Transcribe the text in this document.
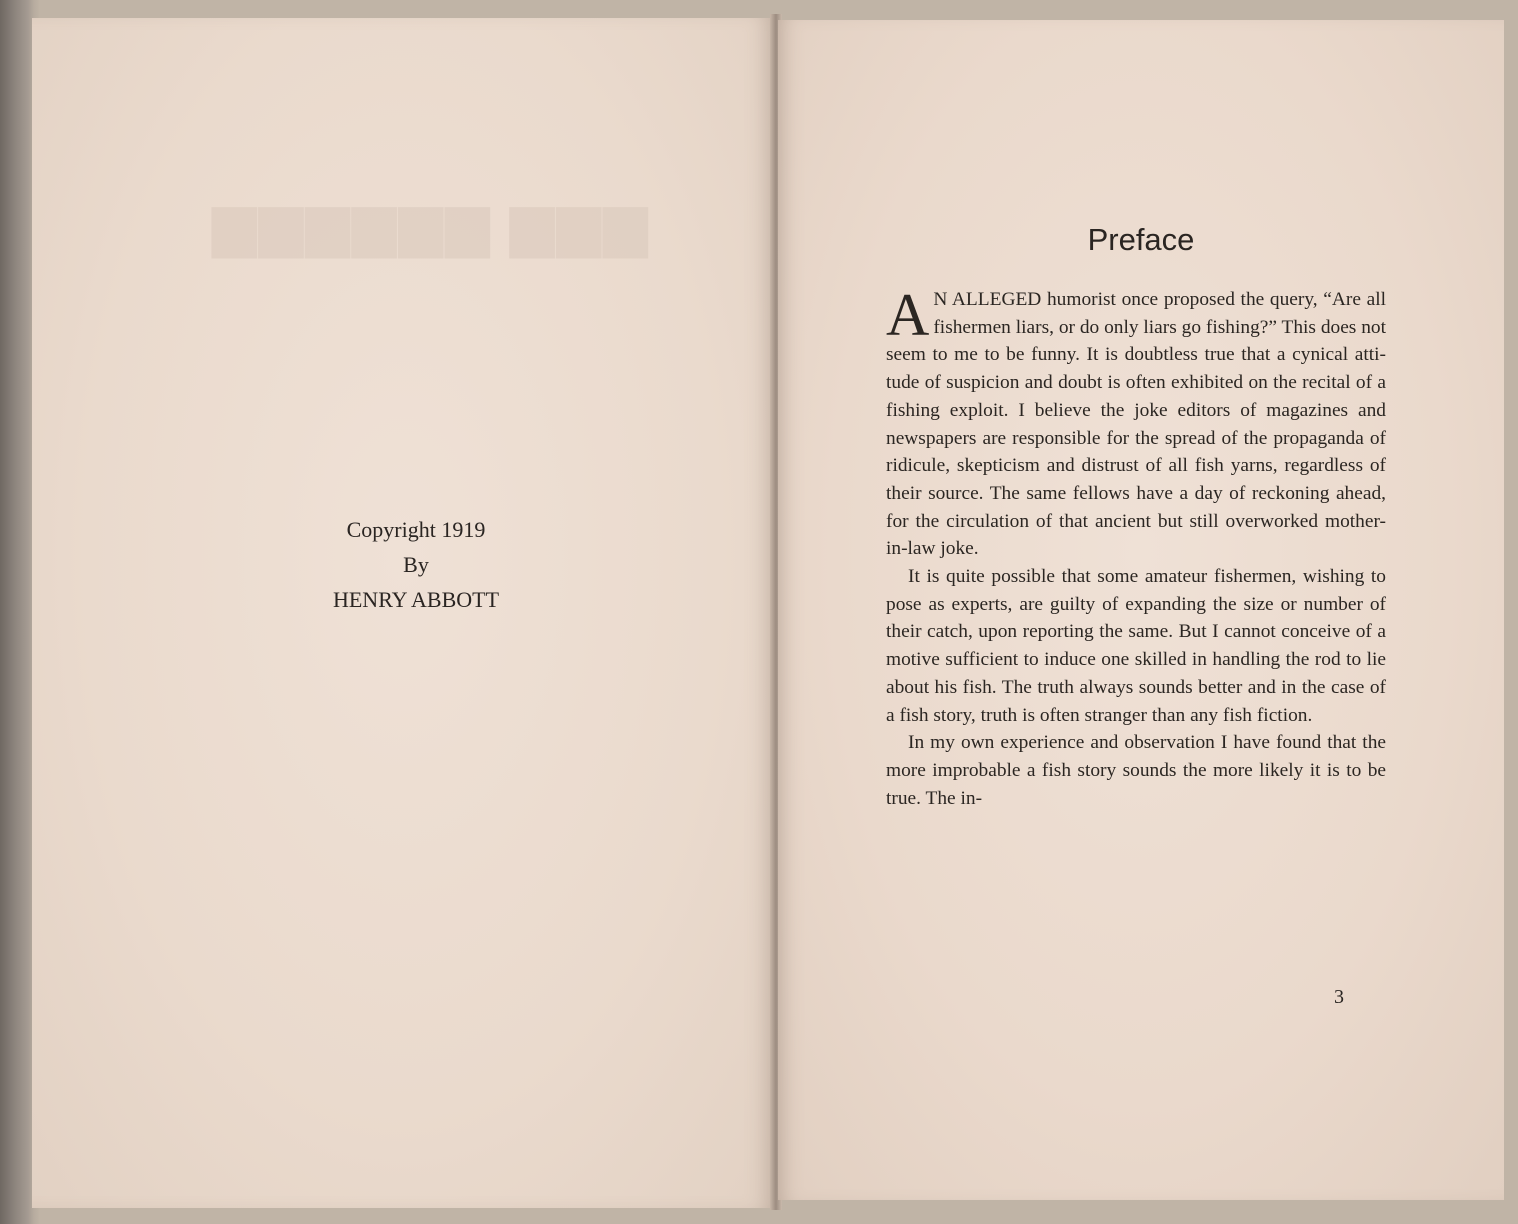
▆▆▆ ▆▆▆▆▆▆
Copyright 1919
By
HENRY ABBOTT
Preface

A N ALLEGED humorist once proposed the query, “Are all fishermen liars, or do only liars go fishing?” This does not seem to me to be funny. It is doubtless true that a cynical attitude of suspicion and doubt is often exhibited on the recital of a fishing exploit. I believe the joke editors of magazines and newspapers are responsible for the spread of the propaganda of ridicule, skepticism and distrust of all fish yarns, regardless of their source. The same fellows have a day of reckoning ahead, for the circulation of that ancient but still overworked mother-in-law joke.

It is quite possible that some amateur fishermen, wishing to pose as experts, are guilty of expanding the size or number of their catch, upon reporting the same. But I cannot conceive of a motive sufficient to induce one skilled in handling the rod to lie about his fish. The truth always sounds better and in the case of a fish story, truth is often stranger than any fish fiction.

In my own experience and observation I have found that the more improbable a fish story sounds the more likely it is to be true. The in-

3
